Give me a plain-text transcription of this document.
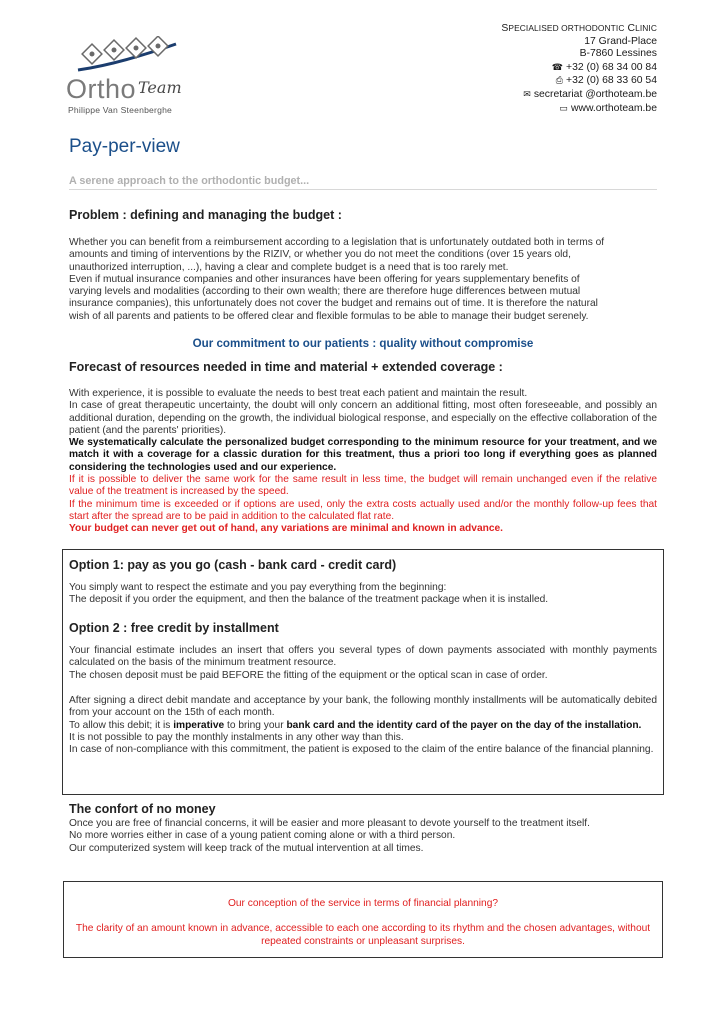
Ortho Team
Philippe Van Steenberghe
SPECIALISED ORTHODONTIC CLINIC
17 Grand-Place
B-7860 Lessines
☎ +32 (0) 68 34 00 84
⎙ +32 (0) 68 33 60 54
✉ secretariat @orthoteam.be
▭ www.orthoteam.be
Pay-per-view
A serene approach to the orthodontic budget...
Problem : defining and managing the budget :

Whether you can benefit from a reimbursement according to a legislation that is unfortunately outdated both in terms of

amounts and timing of interventions by the RIZIV, or whether you do not meet the conditions (over 15 years old,

unauthorized interruption, ...), having a clear and complete budget is a need that is too rarely met.

Even if mutual insurance companies and other insurances have been offering for years supplementary benefits of

varying levels and modalities (according to their own wealth; there are therefore huge differences between mutual

insurance companies), this unfortunately does not cover the budget and remains out of time. It is therefore the natural

wish of all parents and patients to be offered clear and flexible formulas to be able to manage their budget serenely.

Our commitment to our patients : quality without compromise
Forecast of resources needed in time and material + extended coverage :

With experience, it is possible to evaluate the needs to best treat each patient and maintain the result.

In case of great therapeutic uncertainty, the doubt will only concern an additional fitting, most often foreseeable, and possibly an additional duration, depending on the growth, the individual biological response, and especially on the effective collaboration of the patient (and the parents' priorities).

We systematically calculate the personalized budget corresponding to the minimum resource for your treatment, and we match it with a coverage for a classic duration for this treatment, thus a priori too long if everything goes as planned considering the technologies used and our experience.

If it is possible to deliver the same work for the same result in less time, the budget will remain unchanged even if the relative value of the treatment is increased by the speed.

If the minimum time is exceeded or if options are used, only the extra costs actually used and/or the monthly follow-up fees that start after the spread are to be paid in addition to the calculated flat rate.

Your budget can never get out of hand, any variations are minimal and known in advance.

Option 1: pay as you go (cash - bank card - credit card)

You simply want to respect the estimate and you pay everything from the beginning:

The deposit if you order the equipment, and then the balance of the treatment package when it is installed.

Option 2 : free credit by installment

Your financial estimate includes an insert that offers you several types of down payments associated with monthly payments calculated on the basis of the minimum treatment resource.

The chosen deposit must be paid BEFORE the fitting of the equipment or the optical scan in case of order.

After signing a direct debit mandate and acceptance by your bank, the following monthly installments will be automatically debited from your account on the 15th of each month.

To allow this debit; it is imperative to bring your bank card and the identity card of the payer on the day of the installation.

It is not possible to pay the monthly instalments in any other way than this.

In case of non-compliance with this commitment, the patient is exposed to the claim of the entire balance of the financial planning.

The confort of no money

Once you are free of financial concerns, it will be easier and more pleasant to devote yourself to the treatment itself.

No more worries either in case of a young patient coming alone or with a third person.

Our computerized system will keep track of the mutual intervention at all times.

Our conception of the service in terms of financial planning?
The clarity of an amount known in advance, accessible to each one according to its rhythm and the chosen advantages, without repeated constraints or unpleasant surprises.
